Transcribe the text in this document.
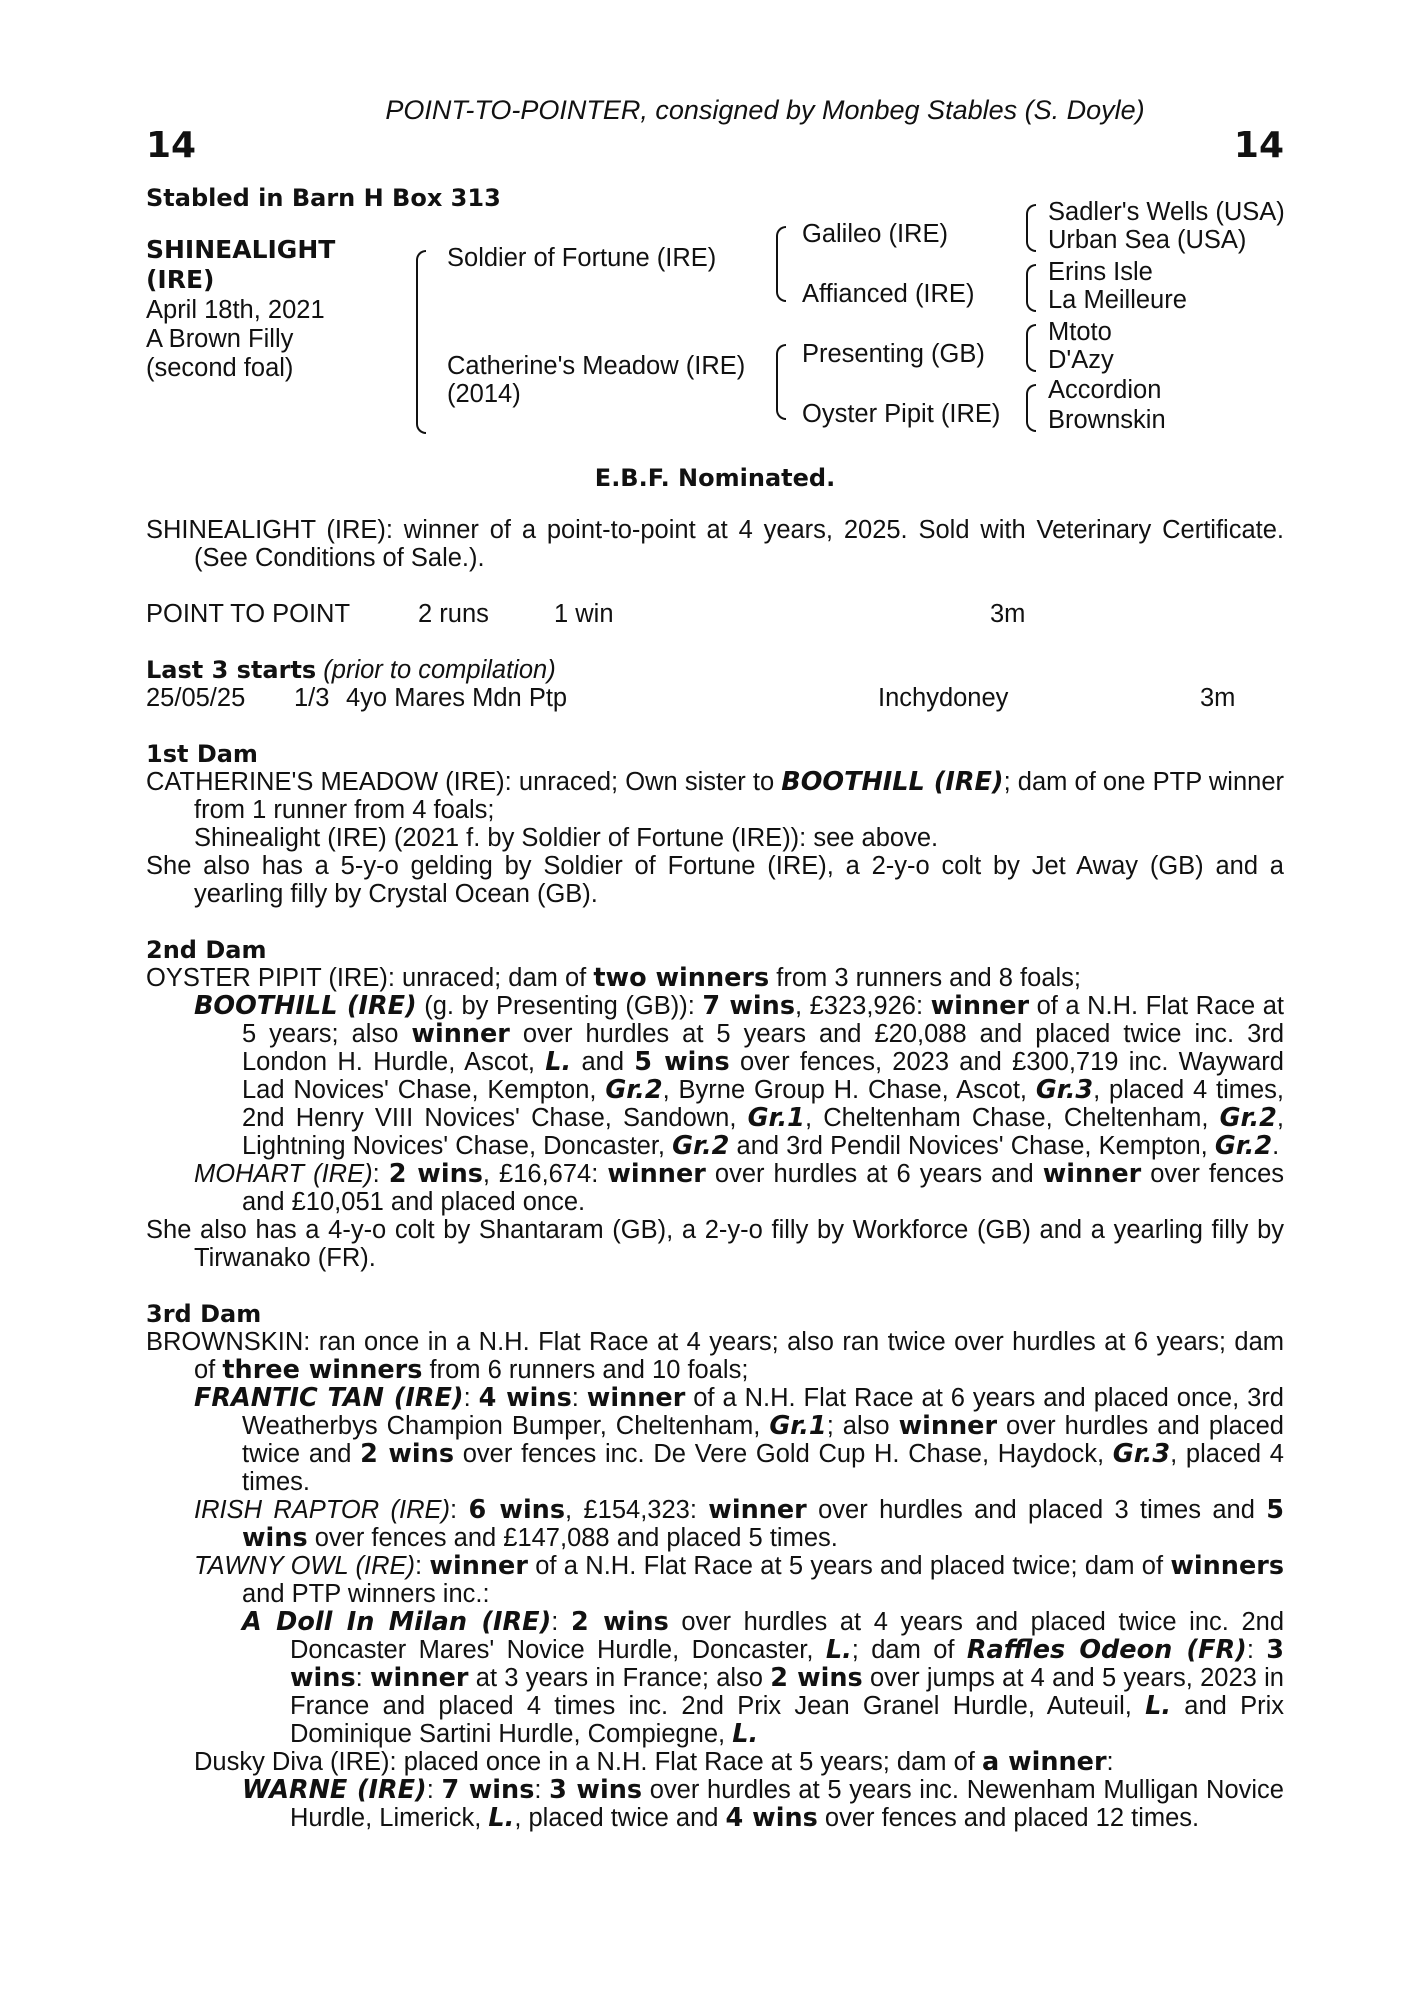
POINT-TO-POINTER, consigned by Monbeg Stables (S. Doyle)
14	14
Stabled in Barn H Box 313
SHINEALIGHT
(IRE)
April 18th, 2021
A Brown Filly
(second foal)
Soldier of Fortune (IRE)
Catherine's Meadow (IRE)
(2014)
Galileo (IRE)
Affianced (IRE)
Presenting (GB)
Oyster Pipit (IRE)
Sadler's Wells (USA)
Urban Sea (USA)
Erins Isle
La Meilleure
Mtoto
D'Azy
Accordion
Brownskin
E.B.F. Nominated.

SHINEALIGHT (IRE): winner of a point-to-point at 4 years, 2025. Sold with Veterinary Certificate. (See Conditions of Sale.).

POINT TO POINT	2 runs	1 win	3m
Last 3 starts (prior to compilation)
25/05/25	1/3 4yo Mares Mdn Ptp	Inchydoney	3m
1st Dam

CATHERINE'S MEADOW (IRE): unraced; Own sister to BOOTHILL (IRE); dam of one PTP winner from 1 runner from 4 foals;

Shinealight (IRE) (2021 f. by Soldier of Fortune (IRE)): see above.

She also has a 5-y-o gelding by Soldier of Fortune (IRE), a 2-y-o colt by Jet Away (GB) and a yearling filly by Crystal Ocean (GB).

2nd Dam

OYSTER PIPIT (IRE): unraced; dam of two winners from 3 runners and 8 foals;

BOOTHILL (IRE) (g. by Presenting (GB)): 7 wins, £323,926: winner of a N.H. Flat Race at 5 years; also winner over hurdles at 5 years and £20,088 and placed twice inc. 3rd London H. Hurdle, Ascot, L. and 5 wins over fences, 2023 and £300,719 inc. Wayward Lad Novices' Chase, Kempton, Gr.2, Byrne Group H. Chase, Ascot, Gr.3, placed 4 times, 2nd Henry VIII Novices' Chase, Sandown, Gr.1, Cheltenham Chase, Cheltenham, Gr.2, Lightning Novices' Chase, Doncaster, Gr.2 and 3rd Pendil Novices' Chase, Kempton, Gr.2.

MOHART (IRE): 2 wins, £16,674: winner over hurdles at 6 years and winner over fences and £10,051 and placed once.

She also has a 4-y-o colt by Shantaram (GB), a 2-y-o filly by Workforce (GB) and a yearling filly by Tirwanako (FR).

3rd Dam

BROWNSKIN: ran once in a N.H. Flat Race at 4 years; also ran twice over hurdles at 6 years; dam of three winners from 6 runners and 10 foals;

FRANTIC TAN (IRE): 4 wins: winner of a N.H. Flat Race at 6 years and placed once, 3rd Weatherbys Champion Bumper, Cheltenham, Gr.1; also winner over hurdles and placed twice and 2 wins over fences inc. De Vere Gold Cup H. Chase, Haydock, Gr.3, placed 4 times.

IRISH RAPTOR (IRE): 6 wins, £154,323: winner over hurdles and placed 3 times and 5 wins over fences and £147,088 and placed 5 times.

TAWNY OWL (IRE): winner of a N.H. Flat Race at 5 years and placed twice; dam of winners and PTP winners inc.:

A Doll In Milan (IRE): 2 wins over hurdles at 4 years and placed twice inc. 2nd Doncaster Mares' Novice Hurdle, Doncaster, L.; dam of Raffles Odeon (FR): 3 wins: winner at 3 years in France; also 2 wins over jumps at 4 and 5 years, 2023 in France and placed 4 times inc. 2nd Prix Jean Granel Hurdle, Auteuil, L. and Prix Dominique Sartini Hurdle, Compiegne, L.

Dusky Diva (IRE): placed once in a N.H. Flat Race at 5 years; dam of a winner:

WARNE (IRE): 7 wins: 3 wins over hurdles at 5 years inc. Newenham Mulligan Novice Hurdle, Limerick, L., placed twice and 4 wins over fences and placed 12 times.
